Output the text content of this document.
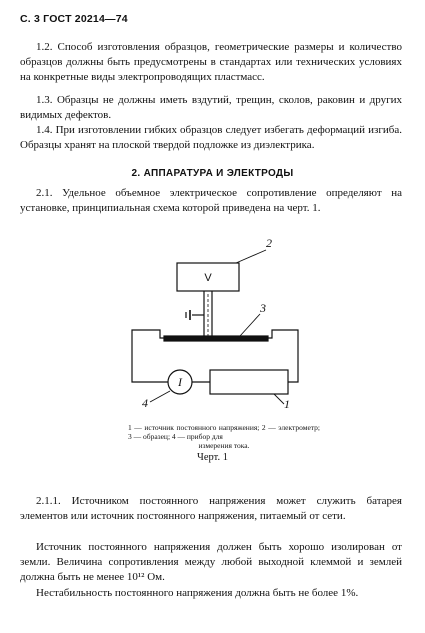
С. 3 ГОСТ 20214—74

1.2. Способ изготовления образцов, геометрические размеры и количество образцов должны быть предусмотрены в стандартах или технических условиях на конкретные виды электропроводящих пластмасс.

1.3. Образцы не должны иметь вздутий, трещин, сколов, раковин и других видимых дефектов.

1.4. При изготовлении гибких образцов следует избегать деформаций изгиба. Образцы хранят на плоской твердой подложке из диэлектрика.

2. АППАРАТУРА И ЭЛЕКТРОДЫ

2.1. Удельное объемное электрическое сопротивление определяют на установке, принципиальная схема которой приведена на черт. 1.

V
I
2
3
4	1
1 — источник постоянного напряжения; 2 — электрометр; 3 — образец; 4 — прибор для
измерения тока.
Черт. 1

2.1.1. Источником постоянного напряжения может служить батарея элементов или источник постоянного напряжения, питаемый от сети.

Источник постоянного напряжения должен быть хорошо изолирован от земли. Величина сопротивления между любой выходной клеммой и землей должна быть не менее 10¹² Ом.

Нестабильность постоянного напряжения должна быть не более 1%.
